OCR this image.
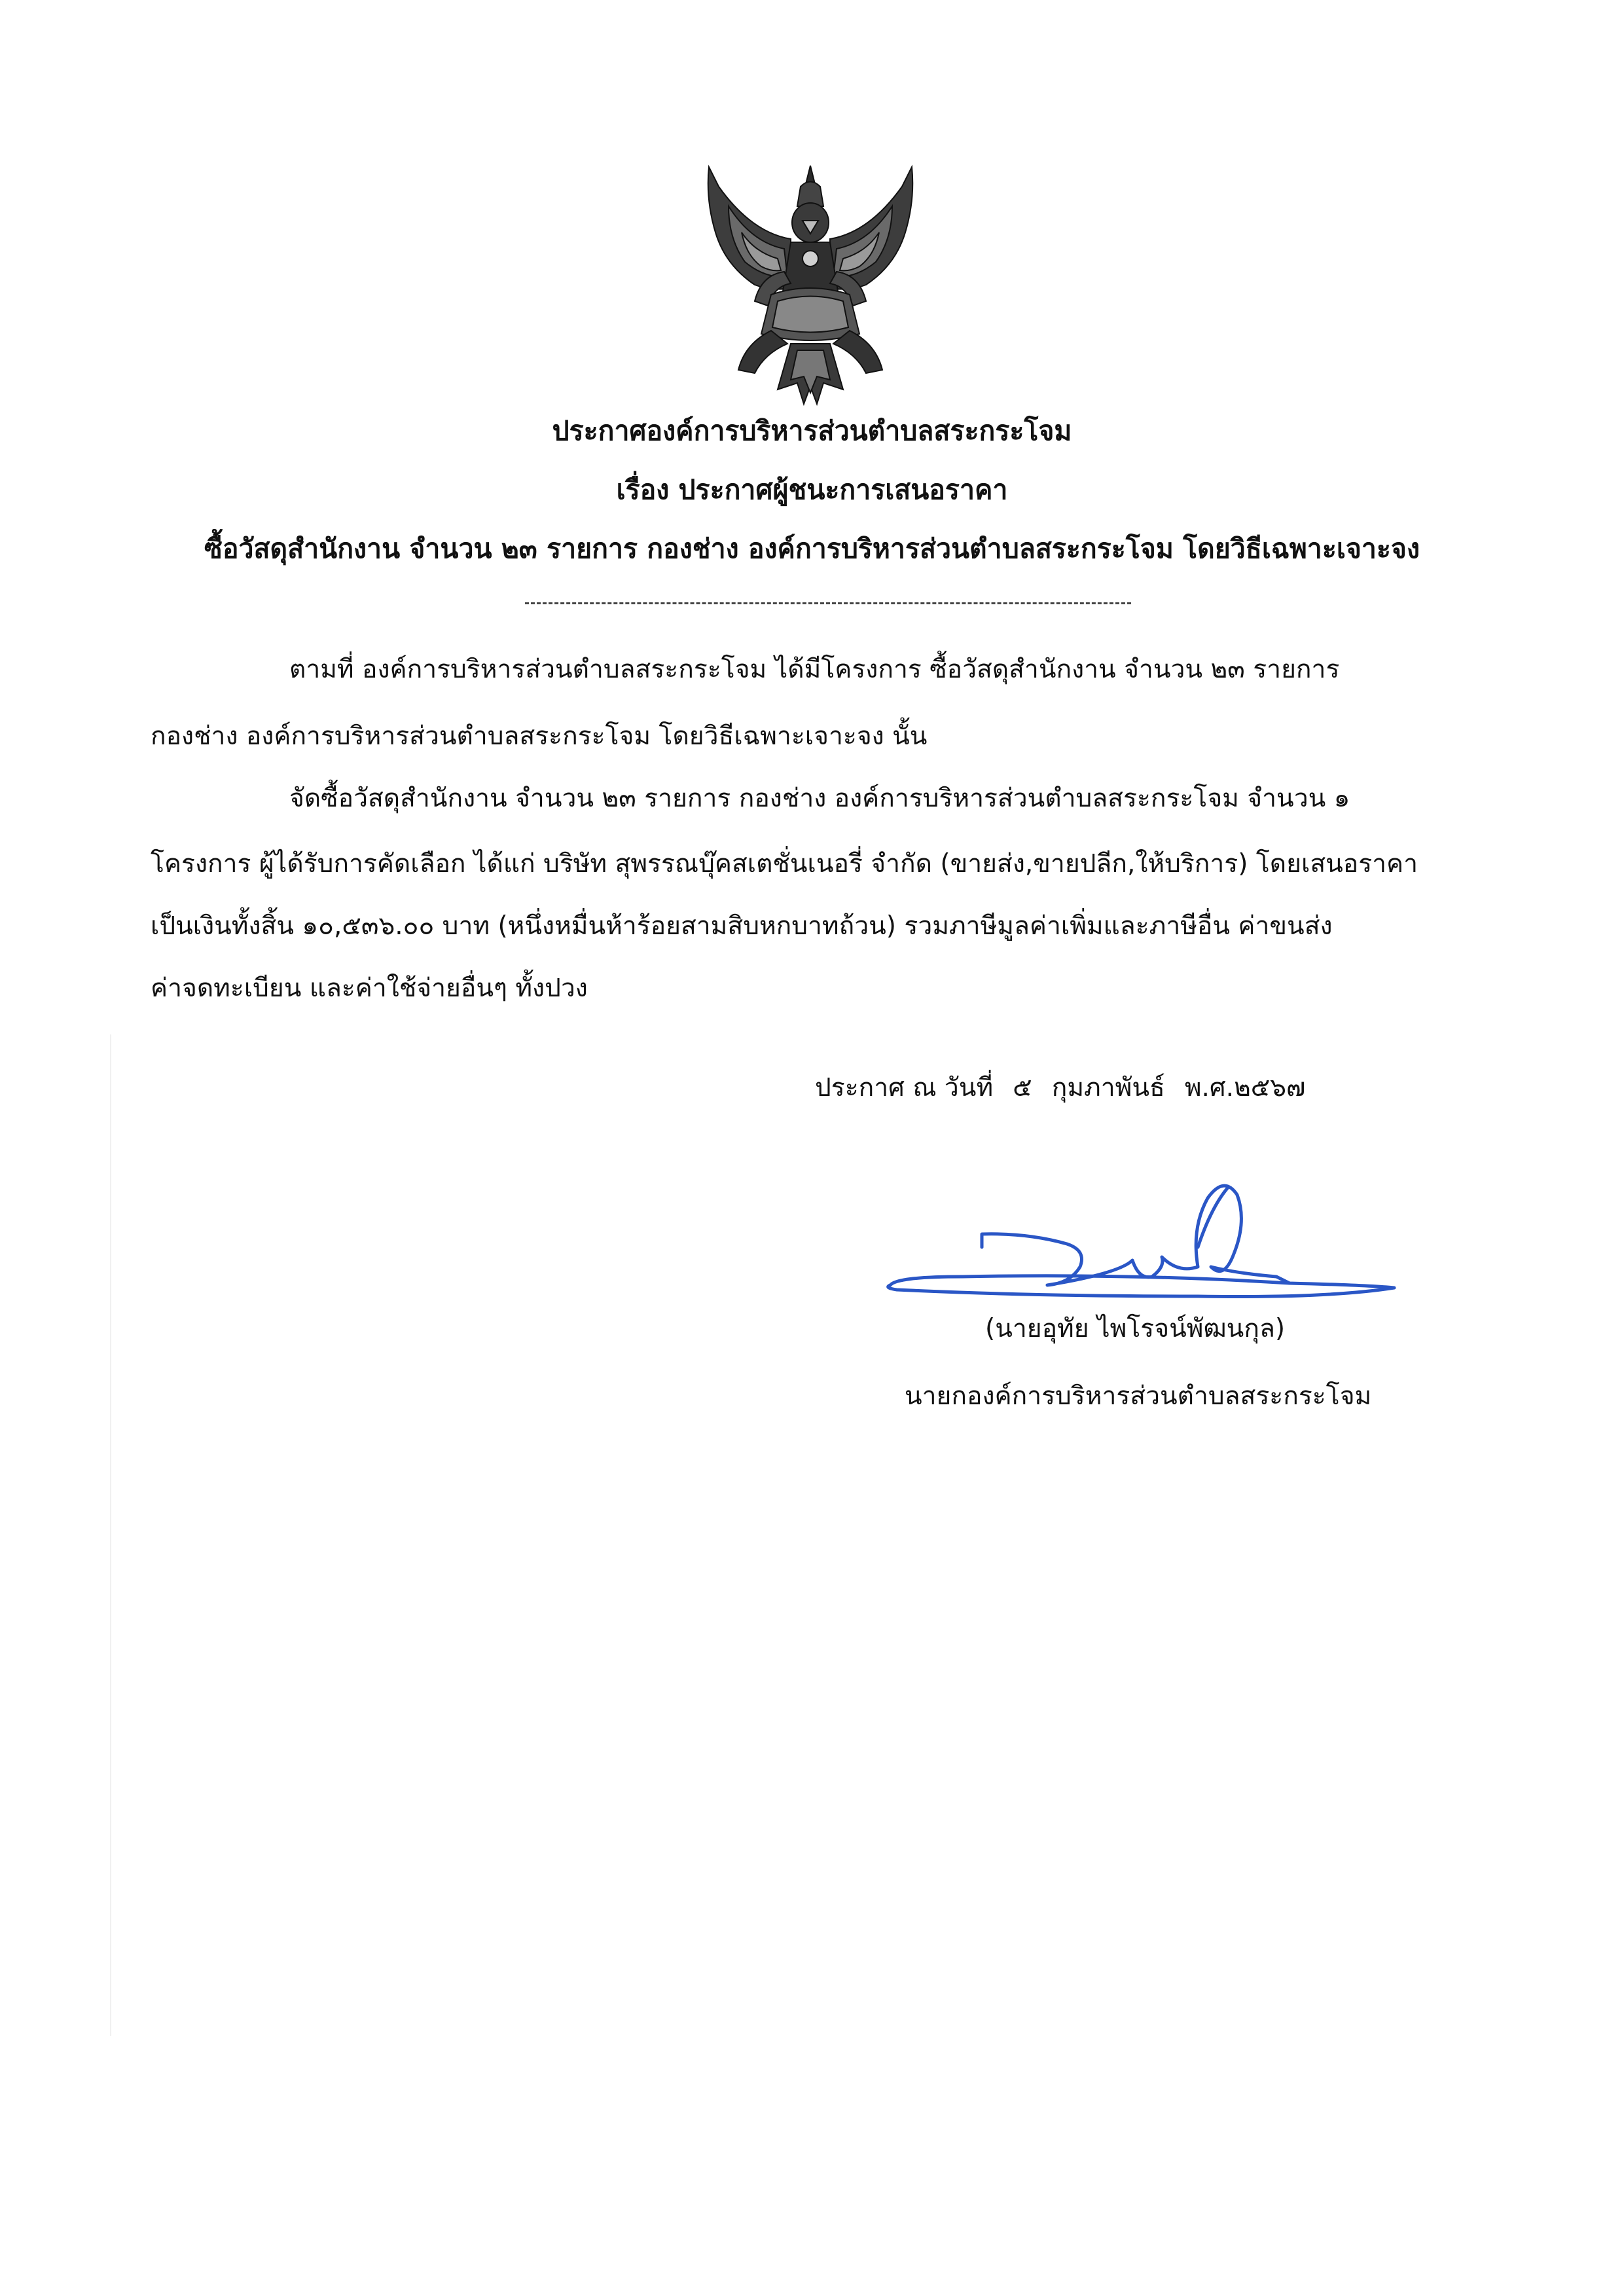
ประกาศองค์การบริหารส่วนตำบลสระกระโจม
เรื่อง ประกาศผู้ชนะการเสนอราคา
ซื้อวัสดุสำนักงาน จำนวน ๒๓ รายการ กองช่าง องค์การบริหารส่วนตำบลสระกระโจม โดยวิธีเฉพาะเจาะจง
ตามที่ องค์การบริหารส่วนตำบลสระกระโจม ได้มีโครงการ ซื้อวัสดุสำนักงาน จำนวน ๒๓ รายการ
กองช่าง องค์การบริหารส่วนตำบลสระกระโจม โดยวิธีเฉพาะเจาะจง นั้น
จัดซื้อวัสดุสำนักงาน จำนวน ๒๓ รายการ กองช่าง องค์การบริหารส่วนตำบลสระกระโจม จำนวน ๑
โครงการ ผู้ได้รับการคัดเลือก ได้แก่ บริษัท สุพรรณบุ๊คสเตชั่นเนอรี่ จำกัด (ขายส่ง,ขายปลีก,ให้บริการ) โดยเสนอราคา
เป็นเงินทั้งสิ้น ๑๐,๕๓๖.๐๐ บาท (หนึ่งหมื่นห้าร้อยสามสิบหกบาทถ้วน) รวมภาษีมูลค่าเพิ่มและภาษีอื่น ค่าขนส่ง
ค่าจดทะเบียน และค่าใช้จ่ายอื่นๆ ทั้งปวง
ประกาศ ณ วันที่ ๕ กุมภาพันธ์ พ.ศ.๒๕๖๗
(นายอุทัย ไพโรจน์พัฒนกุล)
นายกองค์การบริหารส่วนตำบลสระกระโจม
